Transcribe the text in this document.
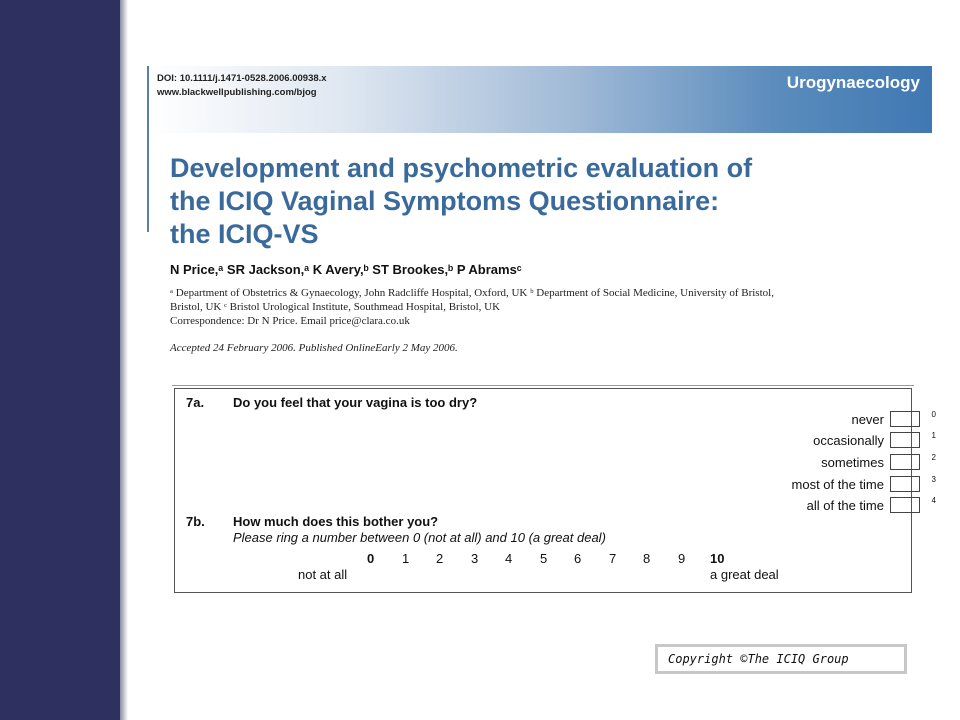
DOI: 10.1111/j.1471-0528.2006.00938.x
www.blackwellpublishing.com/bjog
Urogynaecology
Development and psychometric evaluation of
the ICIQ Vaginal Symptoms Questionnaire:
the ICIQ-VS
N Price,ᵃ SR Jackson,ᵃ K Avery,ᵇ ST Brookes,ᵇ P Abramsᶜ
ᵃ Department of Obstetrics & Gynaecology, John Radcliffe Hospital, Oxford, UK ᵇ Department of Social Medicine, University of Bristol,
Bristol, UK ᶜ Bristol Urological Institute, Southmead Hospital, Bristol, UK
Correspondence: Dr N Price. Email price@clara.co.uk
Accepted 24 February 2006. Published OnlineEarly 2 May 2006.
7a. Do you feel that your vagina is too dry?
never	0
occasionally	1
sometimes	2
most of the time	3
all of the time	4
7b. How much does this bother you?
Please ring a number between 0 (not at all) and 10 (a great deal)
0 1 2 3 4 5 6 7 8 9 10
not at all	a great deal
Copyright ©The ICIQ Group
